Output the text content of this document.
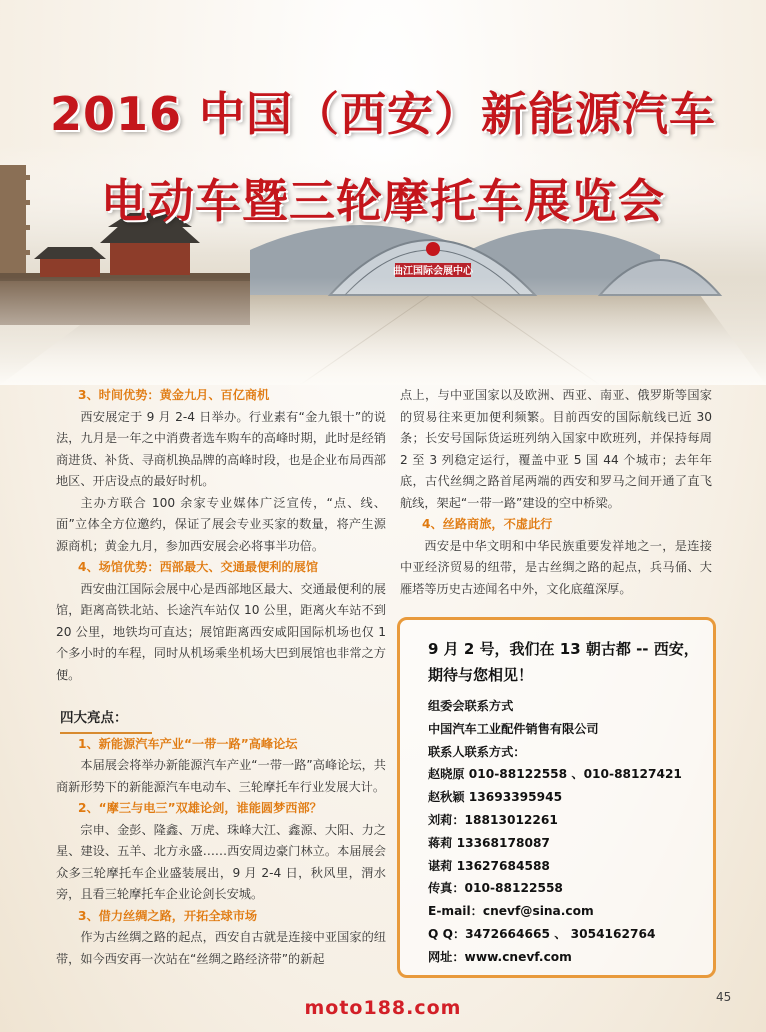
2016 中国（西安）新能源汽车
电动车暨三轮摩托车展览会

3、时间优势：黄金九月、百亿商机

西安展定于 9 月 2-4 日举办。行业素有“金九银十”的说法，九月是一年之中消费者选车购车的高峰时期，此时是经销商进货、补货、寻商机换品牌的高峰时段，也是企业布局西部地区、开店设点的最好时机。

主办方联合 100 余家专业媒体广泛宣传，“点、线、面”立体全方位邀约，保证了展会专业买家的数量，将产生源源商机；黄金九月，参加西安展会必将事半功倍。

4、场馆优势：西部最大、交通最便利的展馆

西安曲江国际会展中心是西部地区最大、交通最便利的展馆，距离高铁北站、长途汽车站仅 10 公里，距离火车站不到 20 公里，地铁均可直达；展馆距离西安咸阳国际机场也仅 1 个多小时的车程，同时从机场乘坐机场大巴到展馆也非常之方便。

四大亮点：

1、新能源汽车产业“一带一路”高峰论坛

本届展会将举办新能源汽车产业“一带一路”高峰论坛，共商新形势下的新能源汽车电动车、三轮摩托车行业发展大计。

2、“摩三与电三”双雄论剑，谁能圆梦西部？

宗申、金彭、隆鑫、万虎、珠峰大江、鑫源、大阳、力之星、建设、五羊、北方永盛……西安周边豪门林立。本届展会众多三轮摩托车企业盛装展出，9 月 2-4 日，秋风里，渭水旁，且看三轮摩托车企业论剑长安城。

3、借力丝绸之路，开拓全球市场

作为古丝绸之路的起点，西安自古就是连接中亚国家的纽带，如今西安再一次站在“丝绸之路经济带”的新起

点上，与中亚国家以及欧洲、西亚、南亚、俄罗斯等国家的贸易往来更加便利频繁。目前西安的国际航线已近 30 条；长安号国际货运班列纳入国家中欧班列，并保持每周 2 至 3 列稳定运行，覆盖中亚 5 国 44 个城市；去年年底，古代丝绸之路首尾两端的西安和罗马之间开通了直飞航线，架起“一带一路”建设的空中桥梁。

4、丝路商旅，不虚此行

西安是中华文明和中华民族重要发祥地之一，是连接中亚经济贸易的纽带，是古丝绸之路的起点，兵马俑、大雁塔等历史古迹闻名中外，文化底蕴深厚。

9 月 2 号，我们在 13 朝古都 -- 西安，期待与您相见！
组委会联系方式
中国汽车工业配件销售有限公司
联系人联系方式：
赵晓原 010-88122558 、010-88127421
赵秋颖 13693395945
刘莉：18813012261
蒋莉 13368178087
谌莉 13627684588
传真：010-88122558
E-mail：cnevf@sina.com
Q Q：3472664665 、 3054162764
网址：www.cnevf.com
moto188.com	45
